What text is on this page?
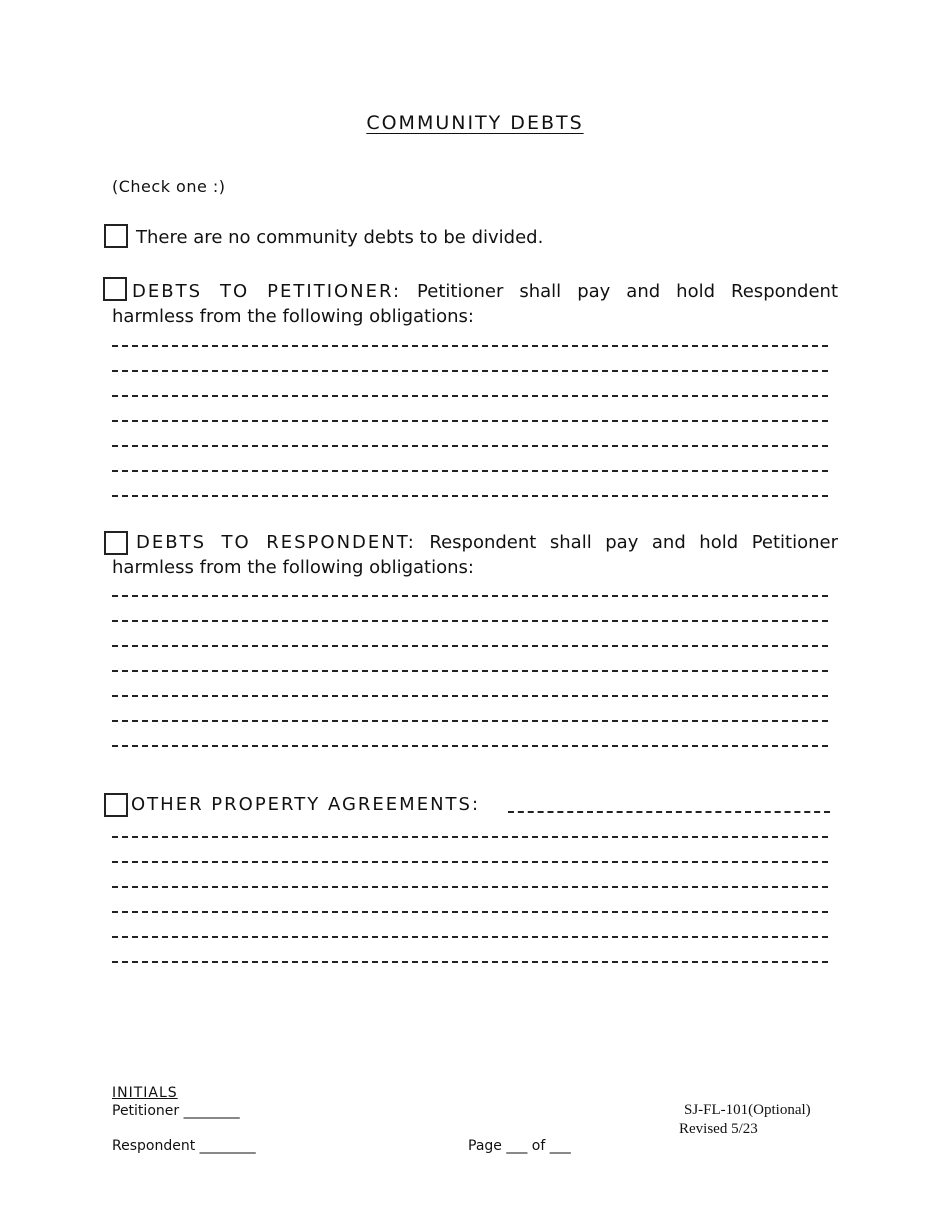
COMMUNITY DEBTS
(Check one :)
There are no community debts to be divided.
DEBTS TO PETITIONER: Petitioner shall pay and hold Respondent harmless from the following obligations:
DEBTS TO RESPONDENT: Respondent shall pay and hold Petitioner harmless from the following obligations:
OTHER PROPERTY AGREEMENTS:
INITIALS
Petitioner ________
Respondent ________	Page ___ of ___
SJ-FL-101(Optional)
Revised 5/23
